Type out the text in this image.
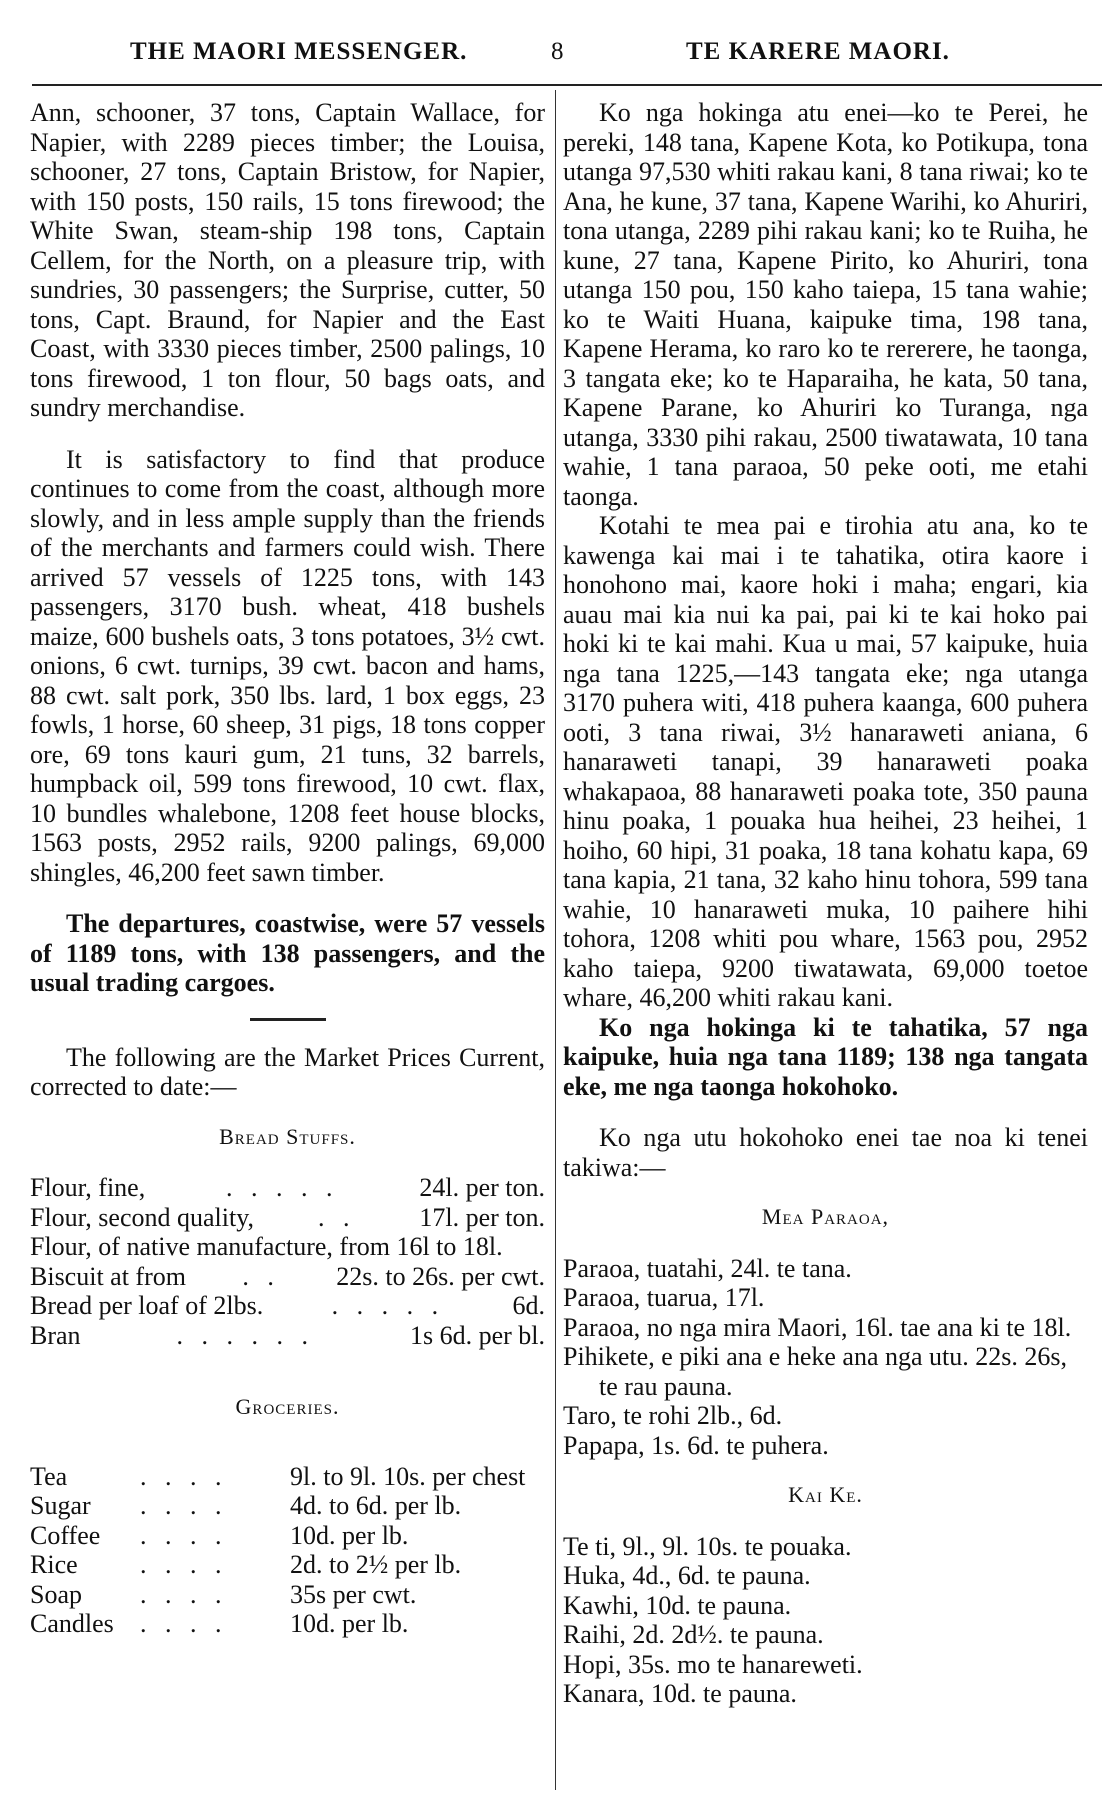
THE MAORI MESSENGER.	8	TE KARERE MAORI.

Ann, schooner, 37 tons, Captain Wallace, for Napier, with 2289 pieces timber; the Louisa, schooner, 27 tons, Captain Bristow, for Napier, with 150 posts, 150 rails, 15 tons firewood; the White Swan, steam-ship 198 tons, Captain Cellem, for the North, on a pleasure trip, with sundries, 30 passengers; the Surprise, cutter, 50 tons, Capt. Braund, for Napier and the East Coast, with 3330 pieces timber, 2500 palings, 10 tons firewood, 1 ton flour, 50 bags oats, and sundry merchandise.

It is satisfactory to find that produce continues to come from the coast, although more slowly, and in less ample supply than the friends of the merchants and farmers could wish. There arrived 57 vessels of 1225 tons, with 143 passengers, 3170 bush. wheat, 418 bushels maize, 600 bushels oats, 3 tons potatoes, 3½ cwt. onions, 6 cwt. turnips, 39 cwt. bacon and hams, 88 cwt. salt pork, 350 lbs. lard, 1 box eggs, 23 fowls, 1 horse, 60 sheep, 31 pigs, 18 tons copper ore, 69 tons kauri gum, 21 tuns, 32 barrels, humpback oil, 599 tons firewood, 10 cwt. flax, 10 bundles whalebone, 1208 feet house blocks, 1563 posts, 2952 rails, 9200 palings, 69,000 shingles, 46,200 feet sawn timber.

The departures, coastwise, were 57 vessels of 1189 tons, with 138 passengers, and the usual trading cargoes.

The following are the Market Prices Current, corrected to date:—

Bread Stuffs.
Flour, fine,	. . . . .	24l. per ton.
Flour, second quality,	. .	17l. per ton.
Flour, of native manufacture, from 16l to 18l.
Biscuit at from	. .	22s. to 26s. per cwt.
Bread per loaf of 2lbs.	. . . . .	6d.
Bran	. . . . . .	1s 6d. per bl.
Groceries.
Tea	. . . .	9l. to 9l. 10s. per chest
Sugar	. . . .	4d. to 6d. per lb.
Coffee	. . . .	10d. per lb.
Rice	. . . .	2d. to 2½ per lb.
Soap	. . . .	35s per cwt.
Candles	. . . .	10d. per lb.

Ko nga hokinga atu enei—ko te Perei, he pereki, 148 tana, Kapene Kota, ko Potikupa, tona utanga 97,530 whiti rakau kani, 8 tana riwai; ko te Ana, he kune, 37 tana, Kapene Warihi, ko Ahuriri, tona utanga, 2289 pihi rakau kani; ko te Ruiha, he kune, 27 tana, Kapene Pirito, ko Ahuriri, tona utanga 150 pou, 150 kaho taiepa, 15 tana wahie; ko te Waiti Huana, kaipuke tima, 198 tana, Kapene Herama, ko raro ko te rererere, he taonga, 3 tangata eke; ko te Haparaiha, he kata, 50 tana, Kapene Parane, ko Ahuriri ko Turanga, nga utanga, 3330 pihi rakau, 2500 tiwatawata, 10 tana wahie, 1 tana paraoa, 50 peke ooti, me etahi taonga.

Kotahi te mea pai e tirohia atu ana, ko te kawenga kai mai i te tahatika, otira kaore i honohono mai, kaore hoki i maha; engari, kia auau mai kia nui ka pai, pai ki te kai hoko pai hoki ki te kai mahi. Kua u mai, 57 kaipuke, huia nga tana 1225,—143 tangata eke; nga utanga 3170 puhera witi, 418 puhera kaanga, 600 puhera ooti, 3 tana riwai, 3½ hanaraweti aniana, 6 hanaraweti tanapi, 39 hanaraweti poaka whakapaoa, 88 hanaraweti poaka tote, 350 pauna hinu poaka, 1 pouaka hua heihei, 23 heihei, 1 hoiho, 60 hipi, 31 poaka, 18 tana kohatu kapa, 69 tana kapia, 21 tana, 32 kaho hinu tohora, 599 tana wahie, 10 hanaraweti muka, 10 paihere hihi tohora, 1208 whiti pou whare, 1563 pou, 2952 kaho taiepa, 9200 tiwatawata, 69,000 toetoe whare, 46,200 whiti rakau kani.

Ko nga hokinga ki te tahatika, 57 nga kaipuke, huia nga tana 1189; 138 nga tangata eke, me nga taonga hokohoko.

Ko nga utu hokohoko enei tae noa ki tenei takiwa:—

Mea Paraoa,

Paraoa, tuatahi, 24l. te tana.

Paraoa, tuarua, 17l.

Paraoa, no nga mira Maori, 16l. tae ana ki te 18l.

Pihikete, e piki ana e heke ana nga utu. 22s. 26s, te rau pauna.

Taro, te rohi 2lb., 6d.

Papapa, 1s. 6d. te puhera.

Kai Ke.

Te ti, 9l., 9l. 10s. te pouaka.

Huka, 4d., 6d. te pauna.

Kawhi, 10d. te pauna.

Raihi, 2d. 2d½. te pauna.

Hopi, 35s. mo te hanareweti.

Kanara, 10d. te pauna.
